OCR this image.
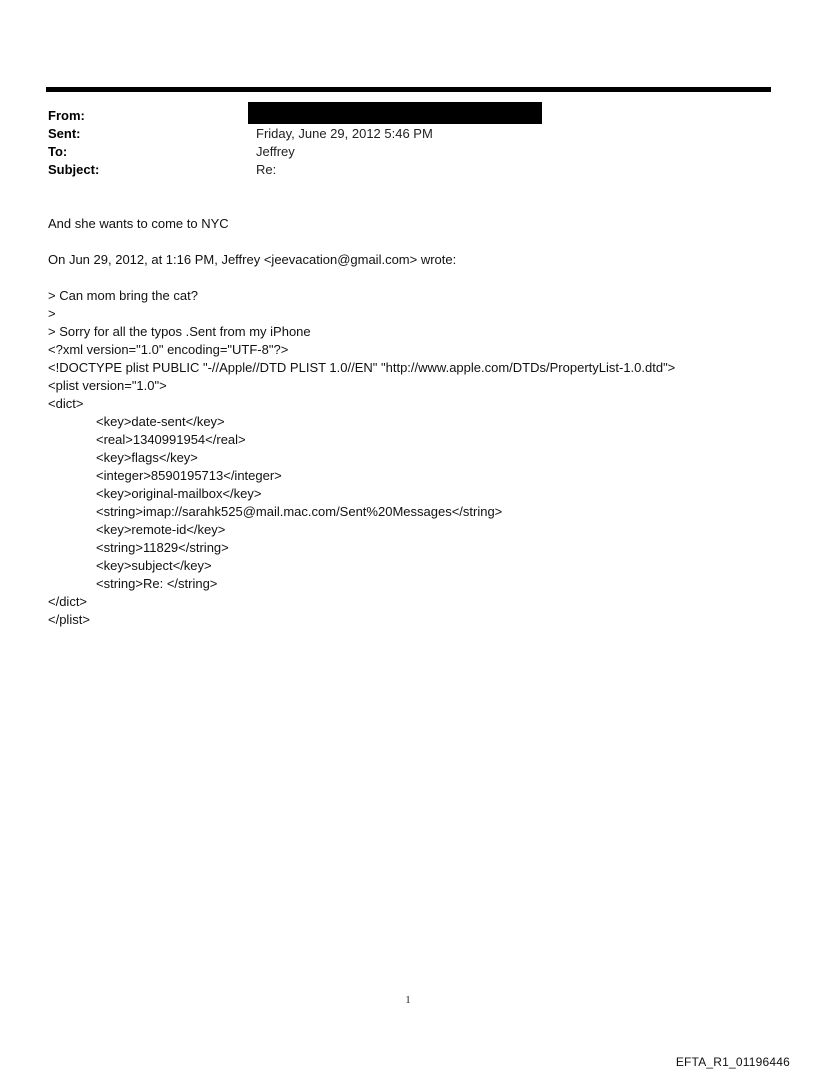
From:
Sent:	Friday, June 29, 2012 5:46 PM
To:	Jeffrey
Subject:	Re:

And she wants to come to NYC

On Jun 29, 2012, at 1:16 PM, Jeffrey <jeevacation@gmail.com> wrote:

> Can mom bring the cat?

>

> Sorry for all the typos .Sent from my iPhone

<?xml version="1.0" encoding="UTF-8"?>

<!DOCTYPE plist PUBLIC "-//Apple//DTD PLIST 1.0//EN" "http://www.apple.com/DTDs/PropertyList-1.0.dtd">

<plist version="1.0">

<dict>

<key>date-sent</key>

<real>1340991954</real>

<key>flags</key>

<integer>8590195713</integer>

<key>original-mailbox</key>

<string>imap://sarahk525@mail.mac.com/Sent%20Messages</string>

<key>remote-id</key>

<string>11829</string>

<key>subject</key>

<string>Re: </string>

</dict>

</plist>

1
EFTA_R1_01196446
